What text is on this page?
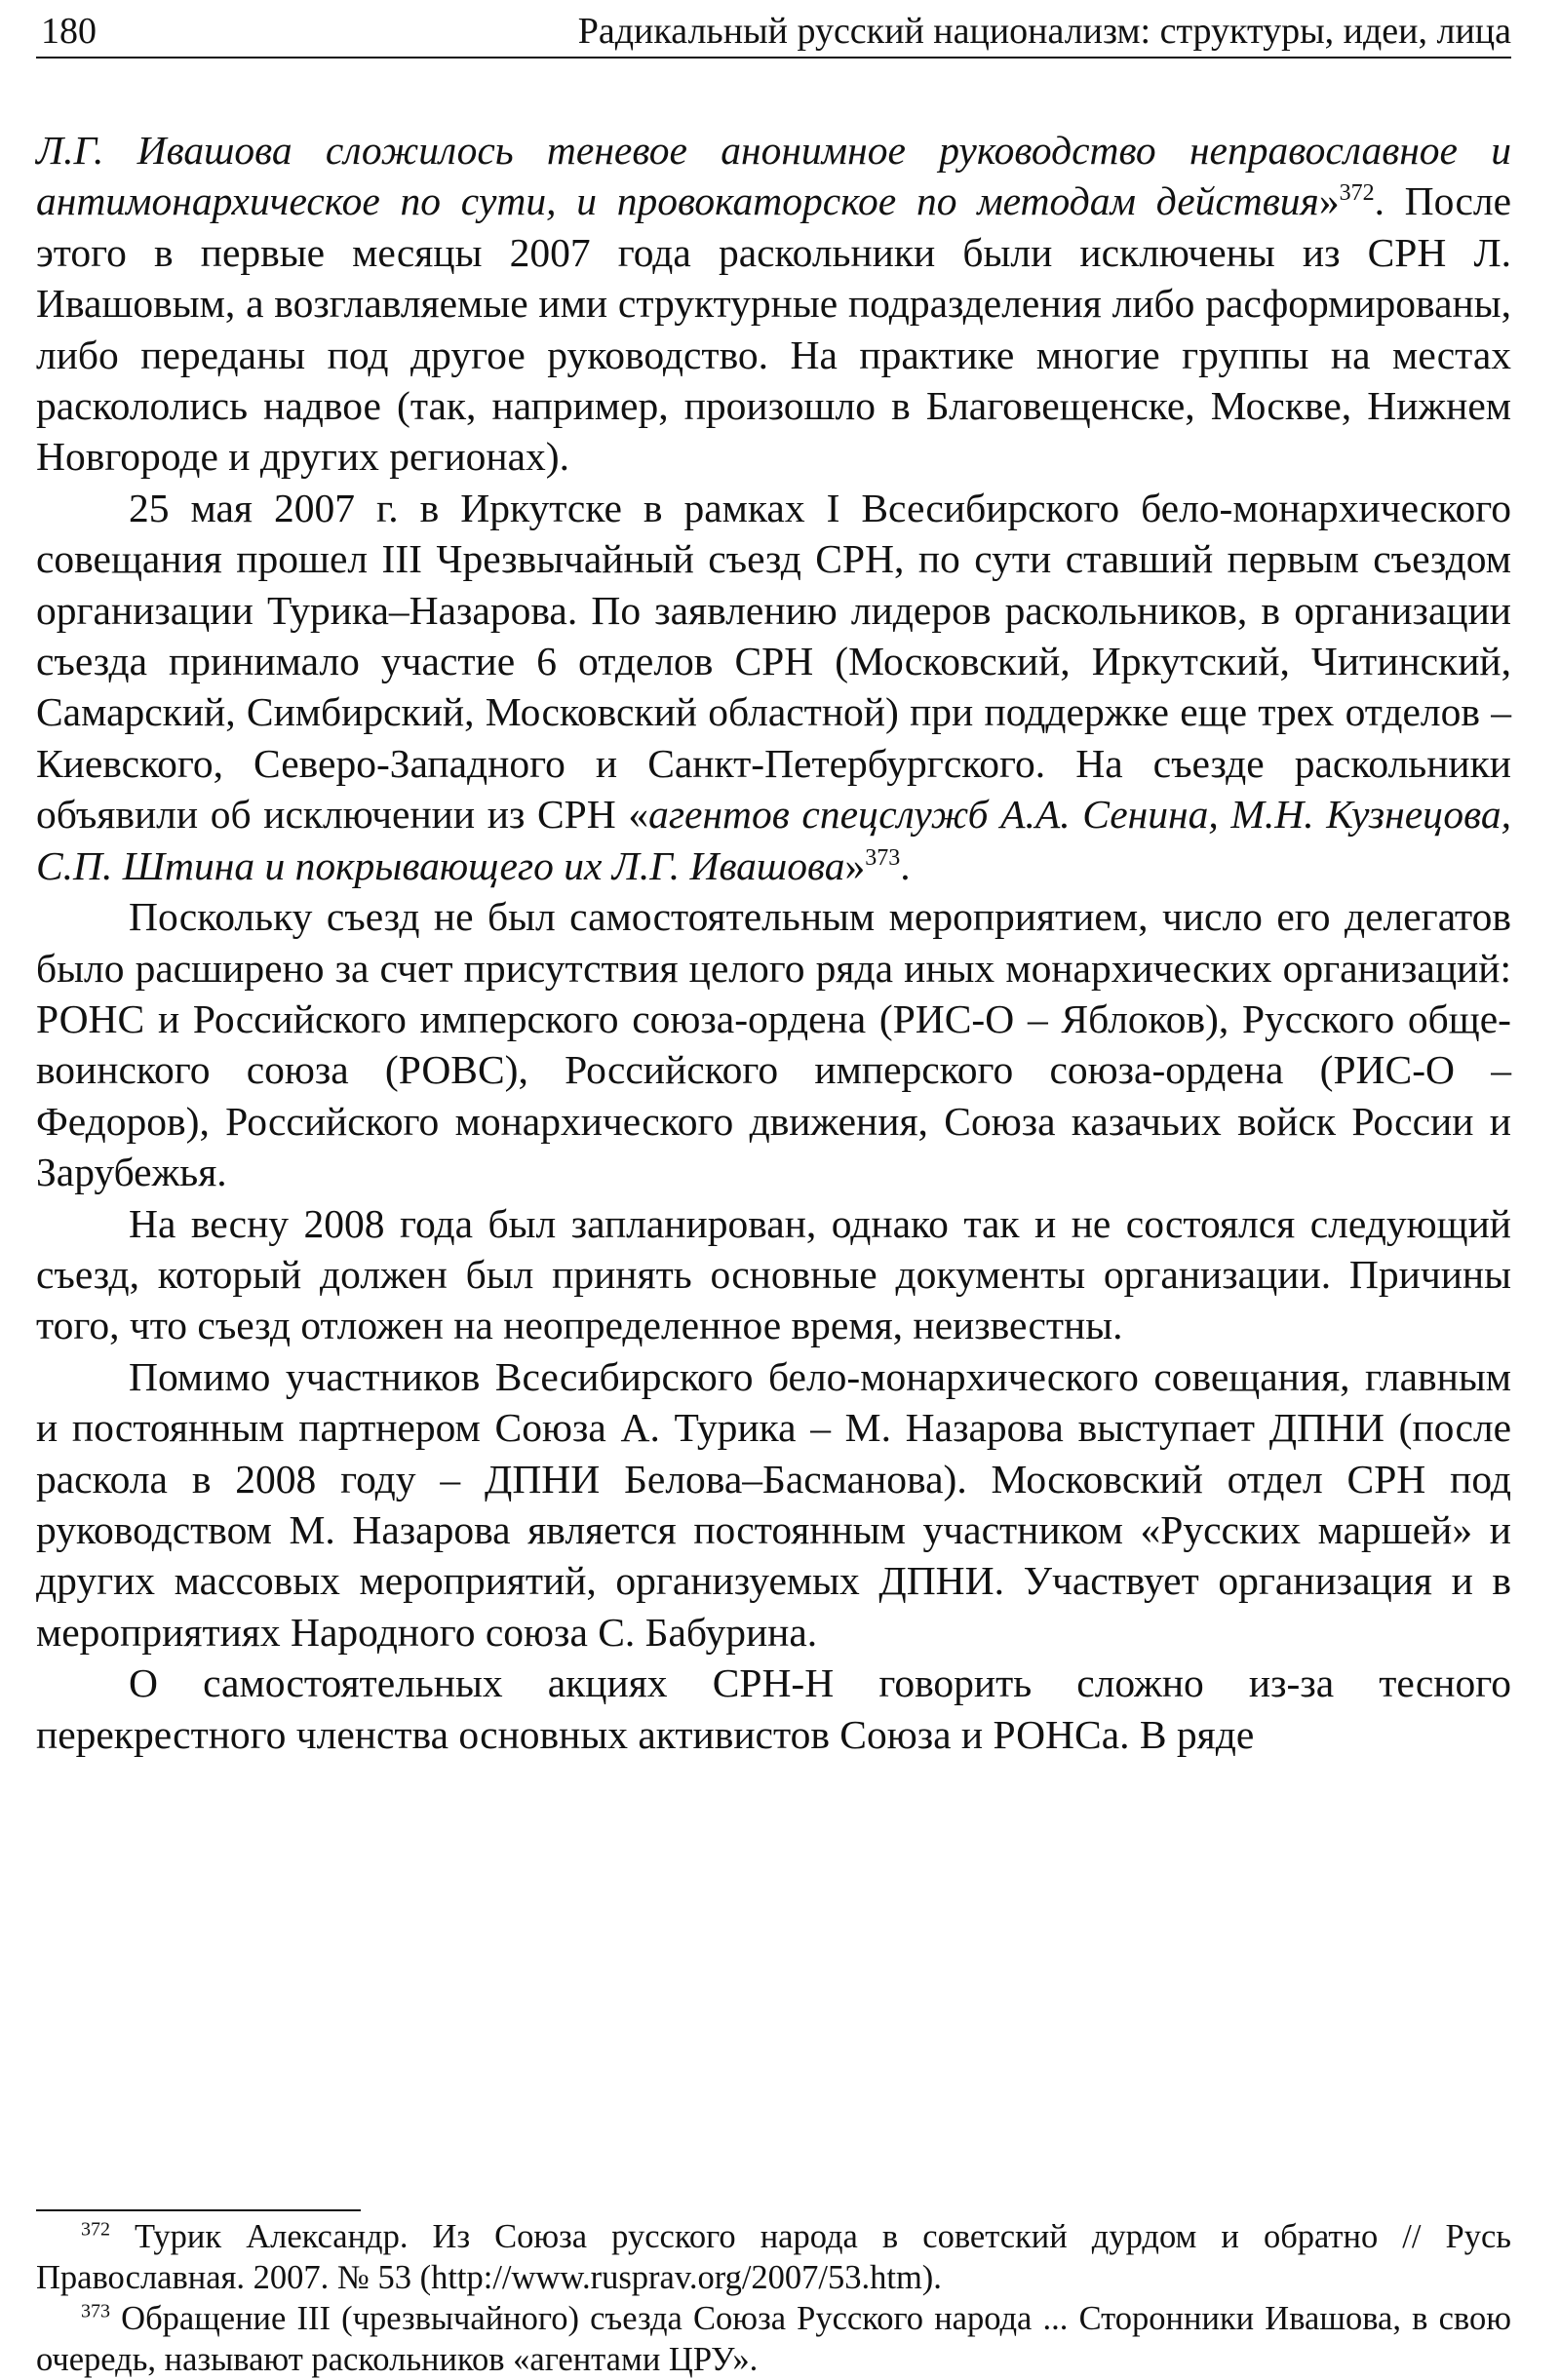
180	Радикальный русский национализм: структуры, идеи, лица

Л.Г. Ивашова сложилось теневое анонимное руководство неправославное и антимонархическое по сути, и провокаторское по методам действия»$^{372}$. После этого в первые месяцы 2007 года раскольники были исключены из СРН Л. Ивашовым, а возглавляемые ими структурные подразделения либо расформированы, либо переданы под другое руководство. На практике многие группы на местах раскололись надвое (так, например, произошло в Благовещенске, Москве, Нижнем Новгороде и других регионах).

25 мая 2007 г. в Иркутске в рамках I Всесибирского бело-монархического совещания прошел III Чрезвычайный съезд СРН, по сути ставший первым съездом организации Турика–Назарова. По заявлению лидеров раскольников, в организации съезда принимало участие 6 отделов СРН (Московский, Иркутский, Читинский, Самарский, Симбирский, Московский областной) при поддержке еще трех отделов – Киевского, Северо-Западного и Санкт-Петербургского. На съезде раскольники объявили об исключении из СРН «агентов спецслужб А.А. Сенина, М.Н. Кузнецова, С.П. Штина и покрывающего их Л.Г. Ивашова»$^{373}$.

Поскольку съезд не был самостоятельным мероприятием, число его делегатов было расширено за счет присутствия целого ряда иных монархических организаций: РОНС и Российского имперского союза-ордена (РИС-О – Яблоков), Русского обще-воинского союза (РОВС), Российского имперского союза-ордена (РИС-О – Федоров), Российского монархического движения, Союза казачьих войск России и Зарубежья.

На весну 2008 года был запланирован, однако так и не состоялся следующий съезд, который должен был принять основные документы организации. Причины того, что съезд отложен на неопределенное время, неизвестны.

Помимо участников Всесибирского бело-монархического совещания, главным и постоянным партнером Союза А. Турика – М. Назарова выступает ДПНИ (после раскола в 2008 году – ДПНИ Белова–Басманова). Московский отдел СРН под руководством М. Назарова является постоянным участником «Русских маршей» и других массовых мероприятий, организуемых ДПНИ. Участвует организация и в мероприятиях Народного союза С. Бабурина.

О самостоятельных акциях СРН-Н говорить сложно из-за тесного перекрестного членства основных активистов Союза и РОНСа. В ряде

$^{372}$ Турик Александр. Из Союза русского народа в советский дурдом и обратно // Русь Православная. 2007. № 53 (http://www.rusprav.org/2007/53.htm).

$^{373}$ Обращение III (чрезвычайного) съезда Союза Русского народа ... Сторонники Ивашова, в свою очередь, называют раскольников «агентами ЦРУ».
